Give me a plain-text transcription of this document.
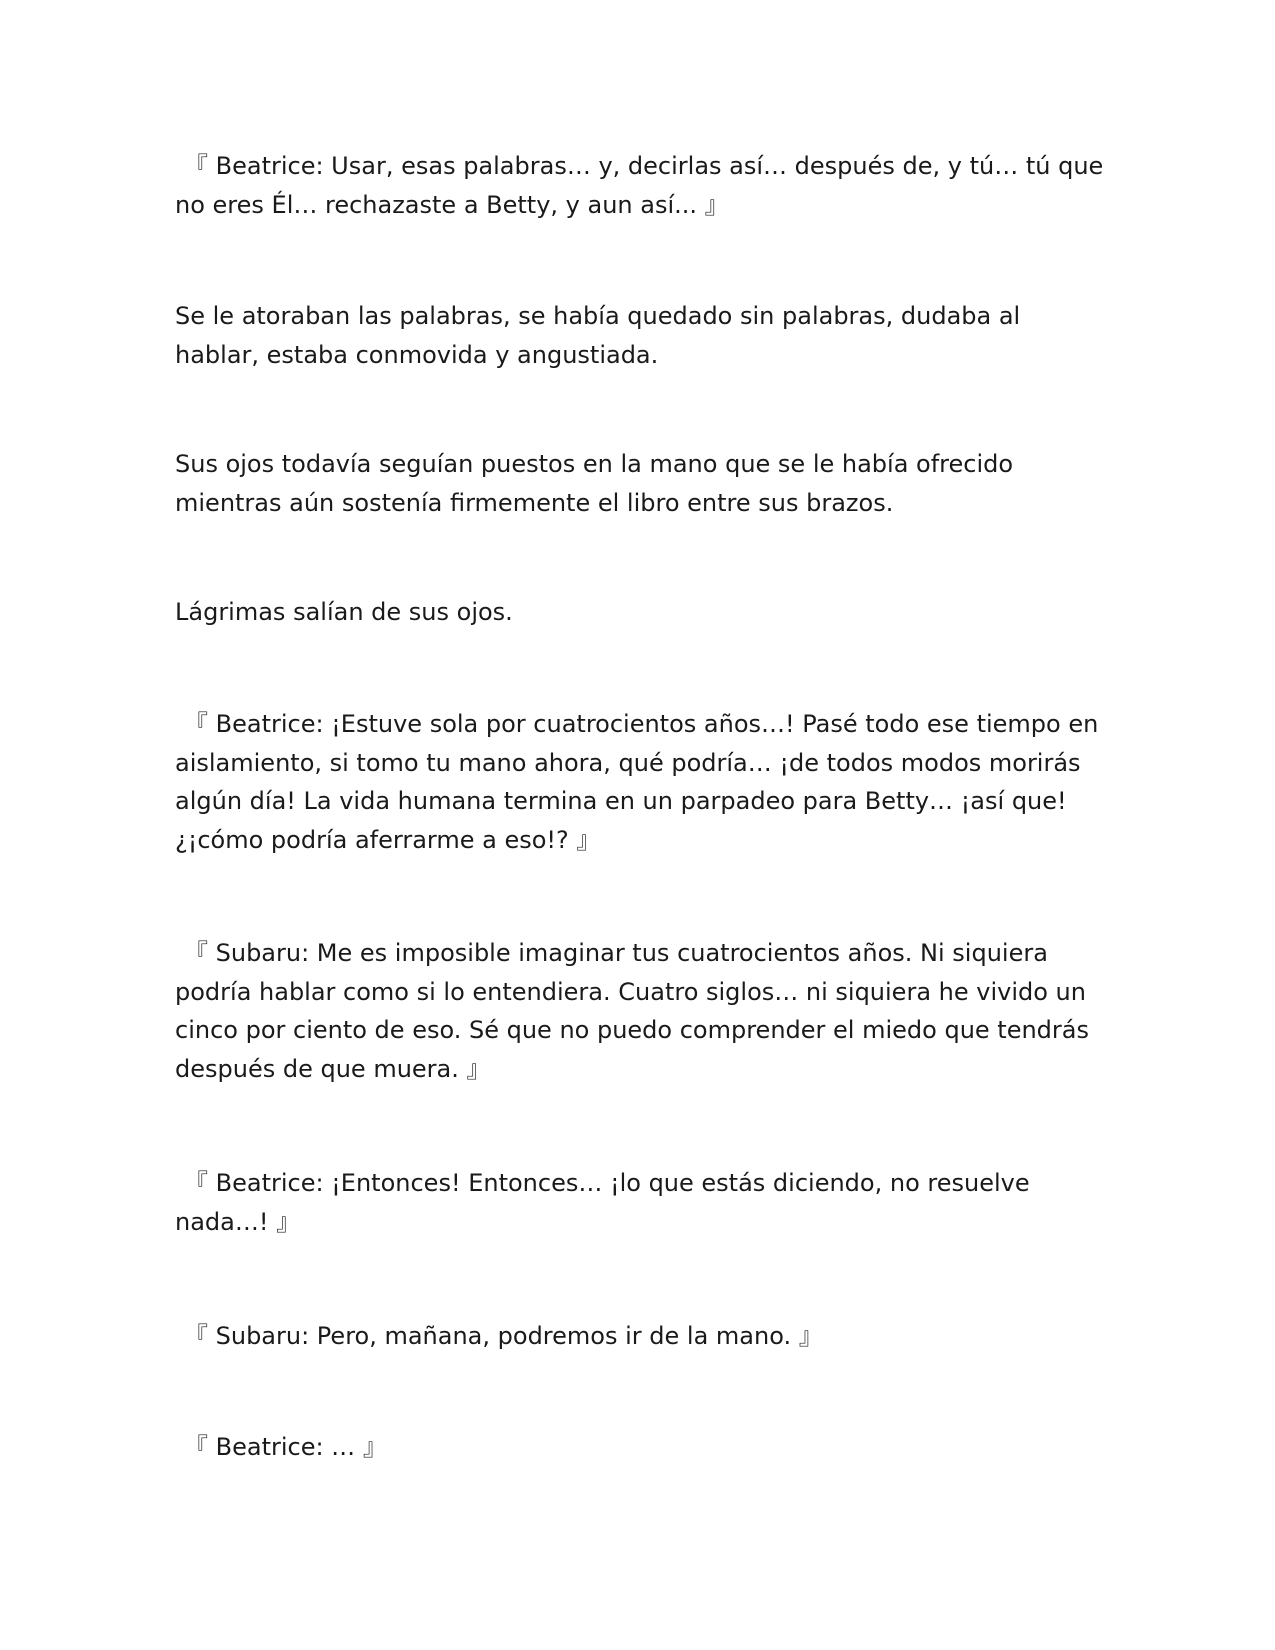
『 Beatrice: Usar, esas palabras… y, decirlas así… después de, y tú… tú que no eres Él… rechazaste a Betty, y aun así... 』

Se le atoraban las palabras, se había quedado sin palabras, dudaba al hablar, estaba conmovida y angustiada.

Sus ojos todavía seguían puestos en la mano que se le había ofrecido mientras aún sostenía firmemente el libro entre sus brazos.

Lágrimas salían de sus ojos.

『 Beatrice: ¡Estuve sola por cuatrocientos años…! Pasé todo ese tiempo en aislamiento, si tomo tu mano ahora, qué podría… ¡de todos modos morirás algún día! La vida humana termina en un parpadeo para Betty… ¡así que! ¿¡cómo podría aferrarme a eso!? 』

『 Subaru: Me es imposible imaginar tus cuatrocientos años. Ni siquiera podría hablar como si lo entendiera. Cuatro siglos… ni siquiera he vivido un cinco por ciento de eso. Sé que no puedo comprender el miedo que tendrás después de que muera. 』

『 Beatrice: ¡Entonces! Entonces… ¡lo que estás diciendo, no resuelve nada…! 』

『 Subaru: Pero, mañana, podremos ir de la mano. 』

『 Beatrice: … 』
